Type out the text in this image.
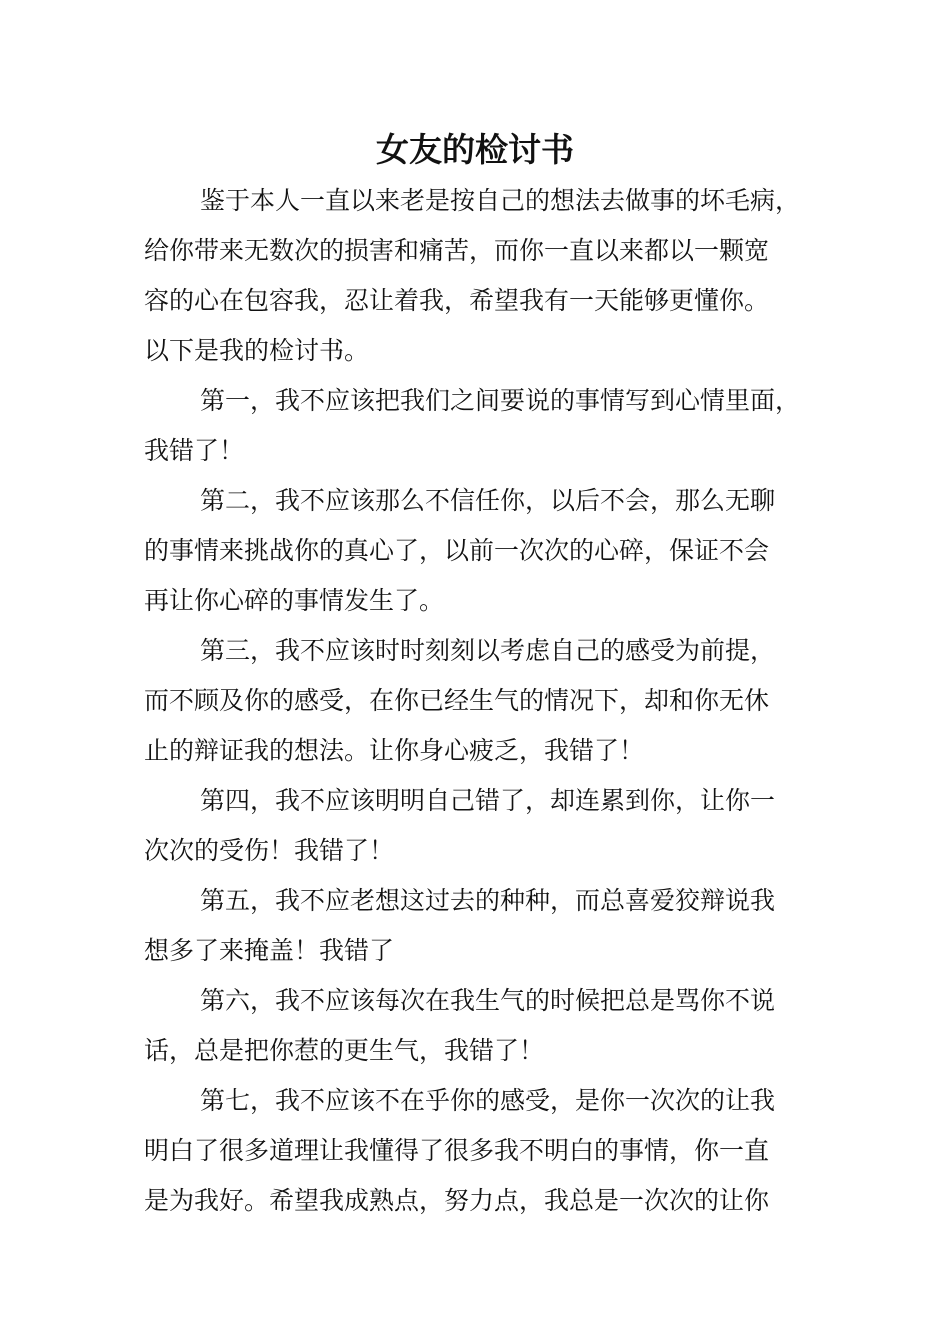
女友的检讨书
鉴于本人一直以来老是按自己的想法去做事的坏毛病，
给你带来无数次的损害和痛苦，而你一直以来都以一颗宽
容的心在包容我，忍让着我，希望我有一天能够更懂你。
以下是我的检讨书。
第一，我不应该把我们之间要说的事情写到心情里面，
我错了！
第二，我不应该那么不信任你，以后不会，那么无聊
的事情来挑战你的真心了，以前一次次的心碎，保证不会
再让你心碎的事情发生了。
第三，我不应该时时刻刻以考虑自己的感受为前提，
而不顾及你的感受，在你已经生气的情况下，却和你无休
止的辩证我的想法。让你身心疲乏，我错了！
第四，我不应该明明自己错了，却连累到你，让你一
次次的受伤！我错了！
第五，我不应老想这过去的种种，而总喜爱狡辩说我
想多了来掩盖！我错了
第六，我不应该每次在我生气的时候把总是骂你不说
话，总是把你惹的更生气，我错了！
第七，我不应该不在乎你的感受，是你一次次的让我
明白了很多道理让我懂得了很多我不明白的事情，你一直
是为我好。希望我成熟点，努力点，我总是一次次的让你
